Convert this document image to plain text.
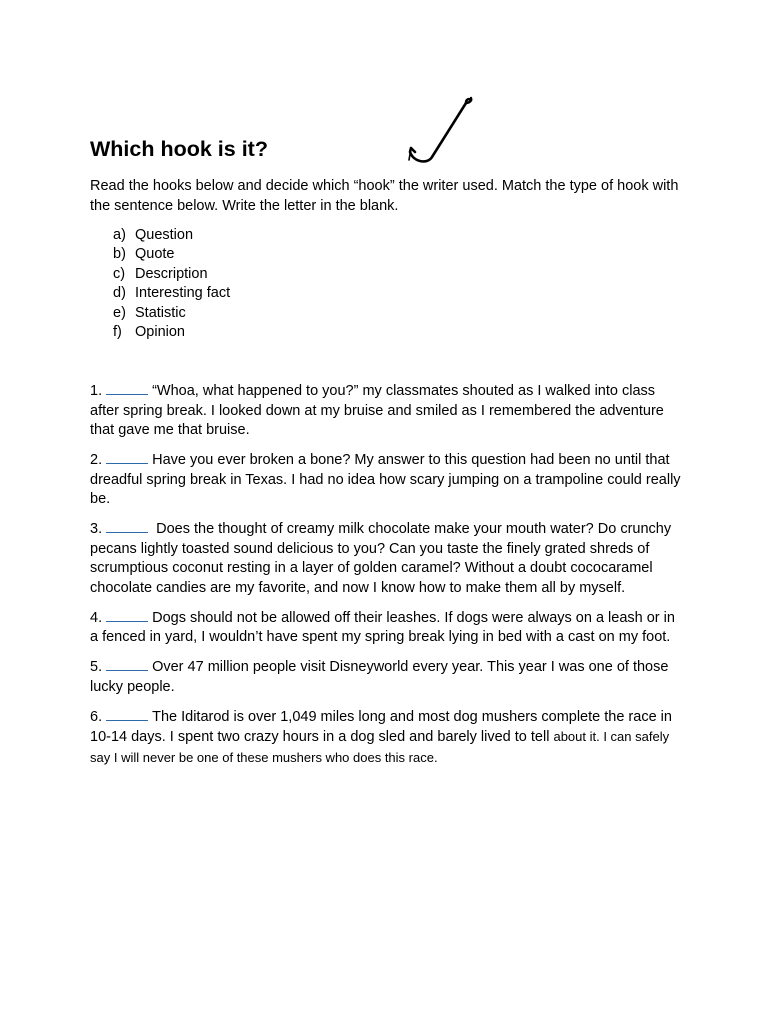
Which hook is it?

Read the hooks below and decide which “hook” the writer used. Match the type of hook with the sentence below. Write the letter in the blank.

a) Question
b) Quote
c) Description
d) Interesting fact
e) Statistic
f) Opinion

1.	“Whoa, what happened to you?” my classmates shouted as I walked into class after spring break. I looked down at my bruise and smiled as I remembered the adventure that gave me that bruise.

2.	Have you ever broken a bone? My answer to this question had been no until that dreadful spring break in Texas. I had no idea how scary jumping on a trampoline could really be.

3.	Does the thought of creamy milk chocolate make your mouth water? Do crunchy pecans lightly toasted sound delicious to you? Can you taste the finely grated shreds of scrumptious coconut resting in a layer of golden caramel? Without a doubt cococaramel chocolate candies are my favorite, and now I know how to make them all by myself.

4.	Dogs should not be allowed off their leashes. If dogs were always on a leash or in a fenced in yard, I wouldn’t have spent my spring break lying in bed with a cast on my foot.

5.	Over 47 million people visit Disneyworld every year. This year I was one of those lucky people.

6.	The Iditarod is over 1,049 miles long and most dog mushers complete the race in 10-14 days. I spent two crazy hours in a dog sled and barely lived to tell about it. I can safely say I will never be one of these mushers who does this race.
